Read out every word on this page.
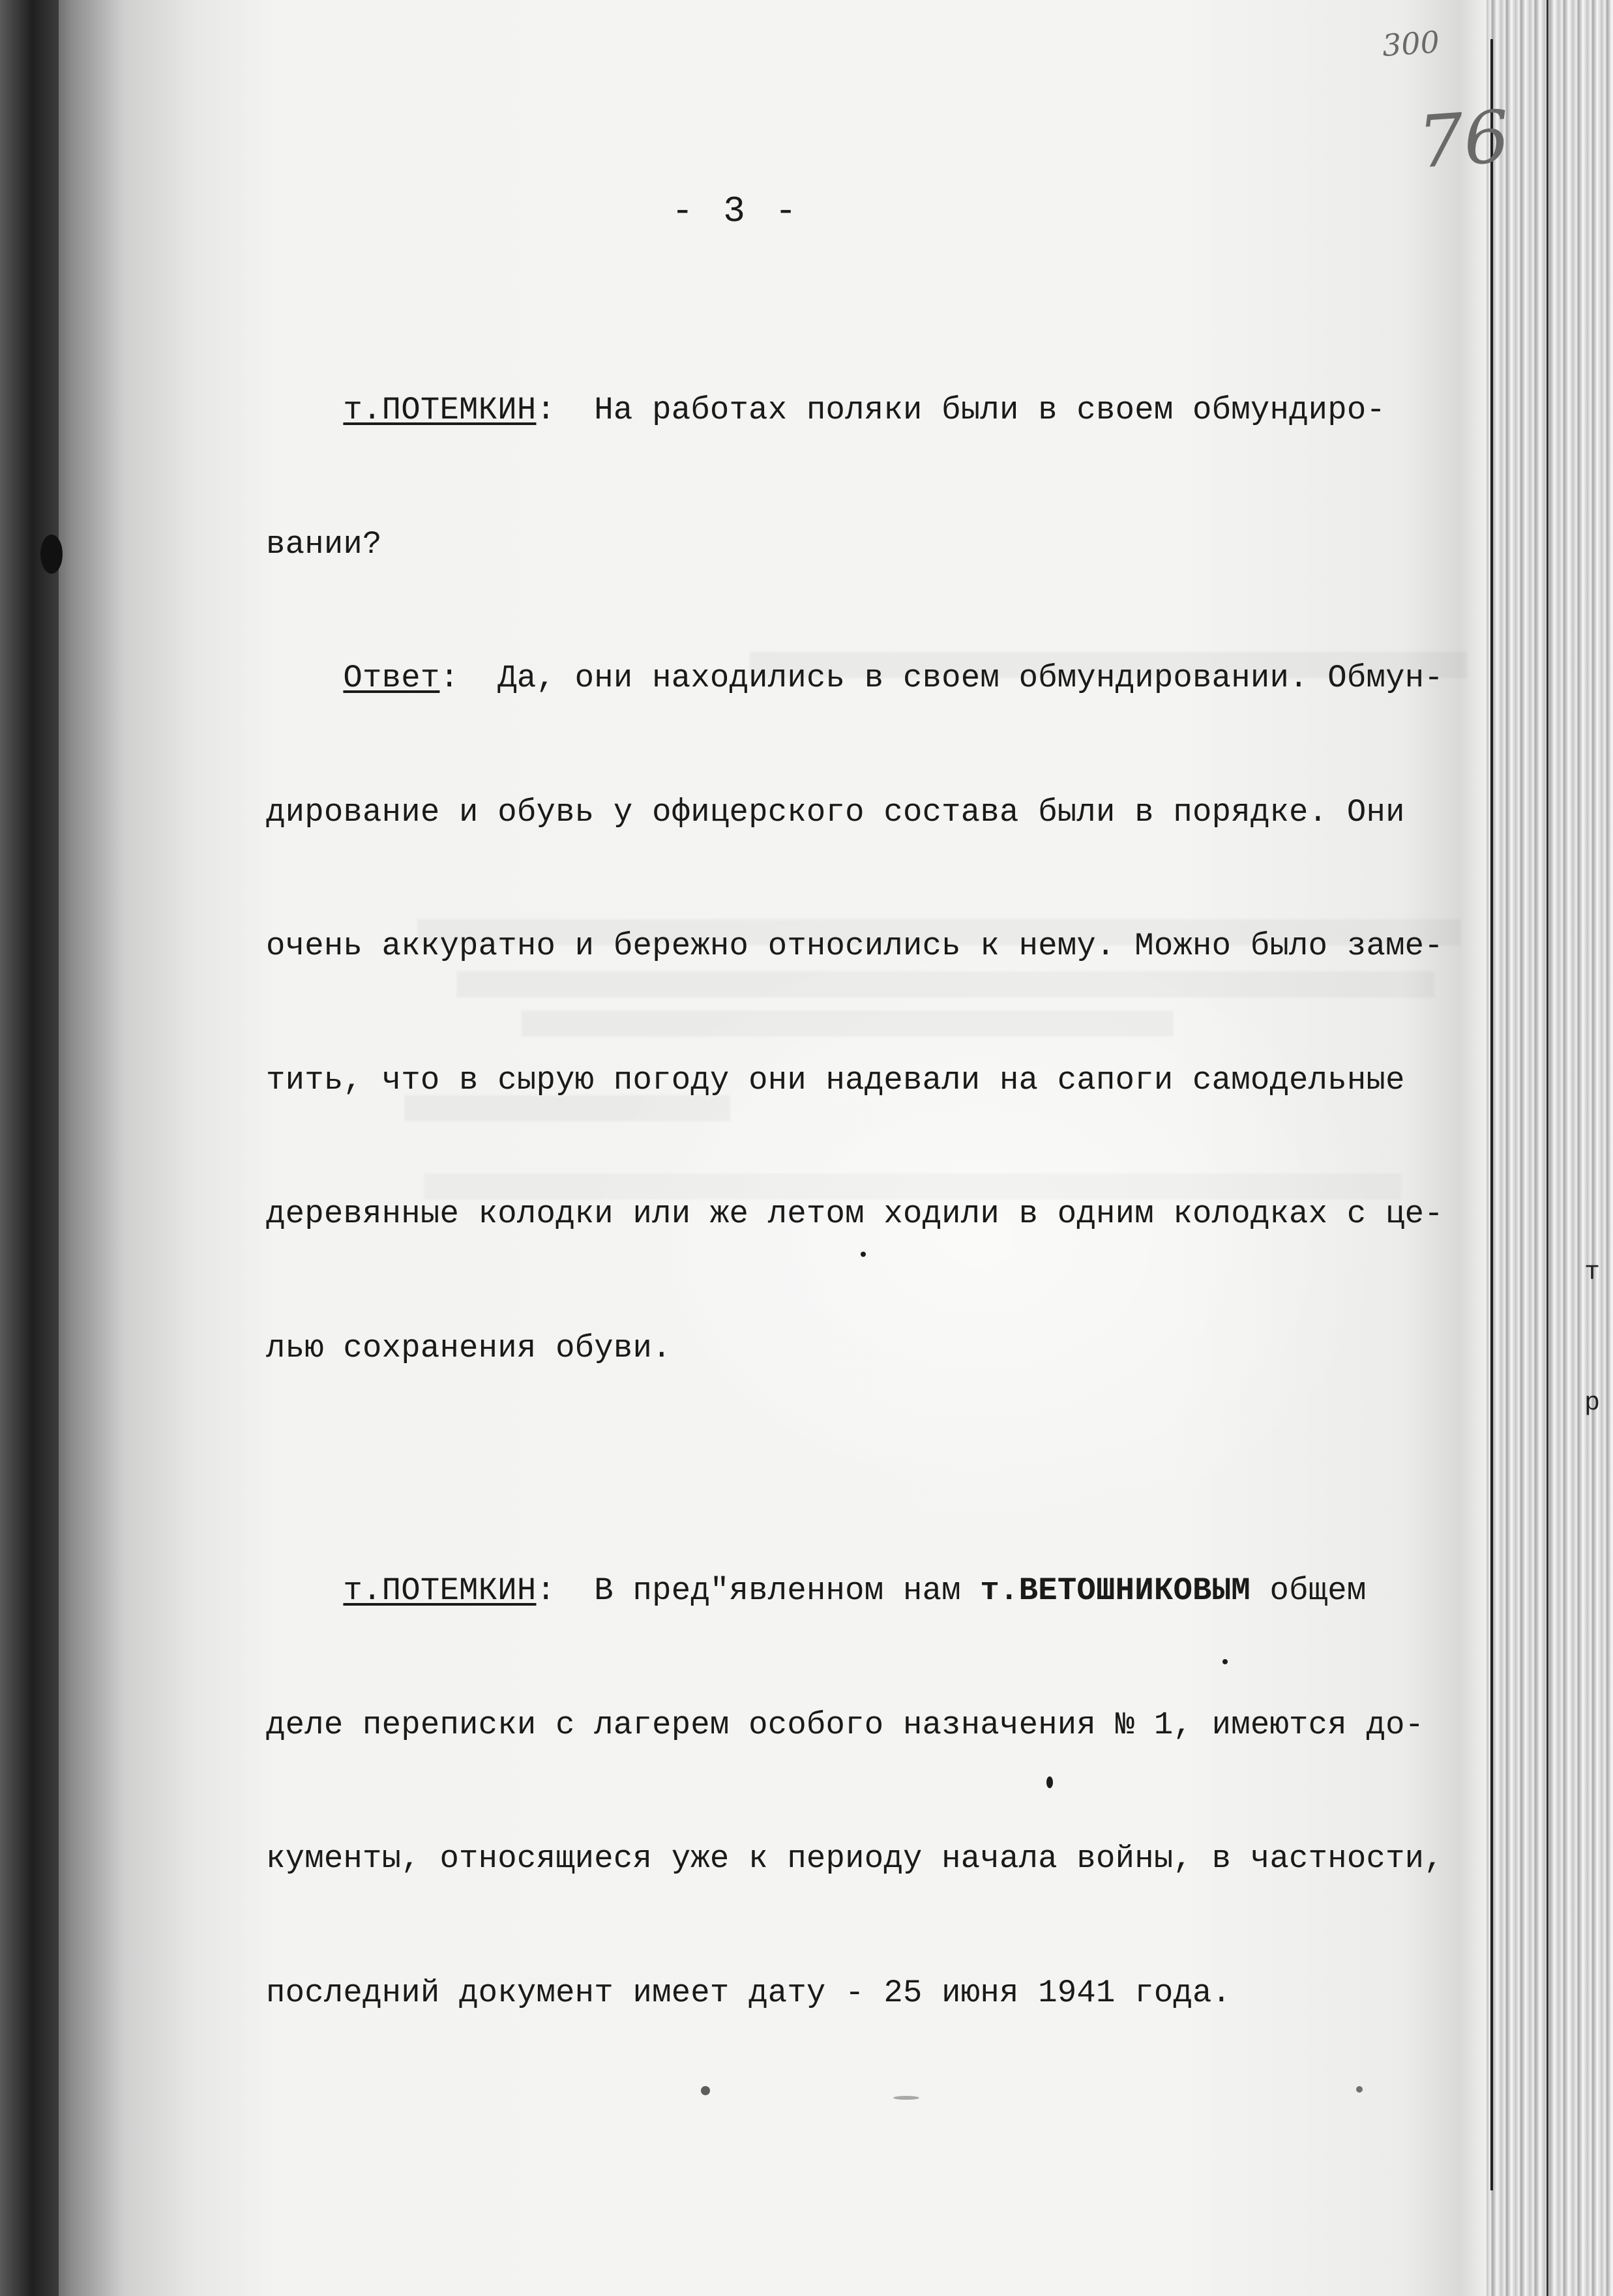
т
р
300
76
- 3 -

т.ПОТЕМКИН:  На работах поляки были в своем обмундиро-

вании?

Ответ:  Да, они находились в своем обмундировании. Обмун-

дирование и обувь у офицерского состава были в порядке. Они

очень аккуратно и бережно относились к нему. Можно было заме-

тить, что в сырую погоду они надевали на сапоги самодельные

деревянные колодки или же летом ходили в одним колодках с це-

лью сохранения обуви.

т.ПОТЕМКИН:  В пред"явленном нам т.ВЕТОШНИКОВЫМ общем

деле переписки с лагерем особого назначения № 1, имеются до-

кументы, относящиеся уже к периоду начала войны, в частности,

последний документ имеет дату - 25 июня 1941 года.
